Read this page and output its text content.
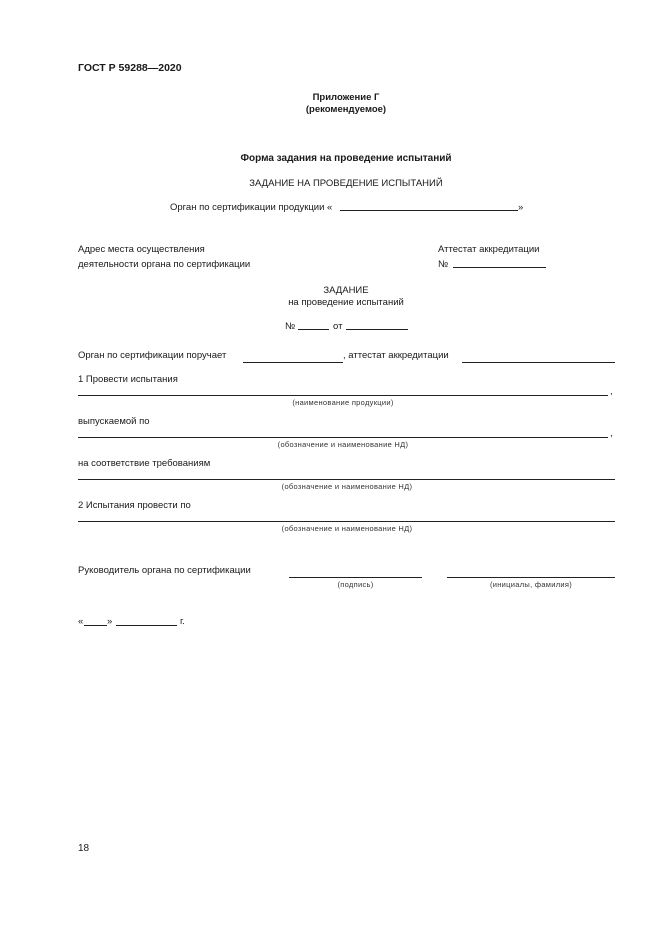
ГОСТ Р 59288—2020
Приложение Г
(рекомендуемое)
Форма задания на проведение испытаний
ЗАДАНИЕ НА ПРОВЕДЕНИЕ ИСПЫТАНИЙ
Орган по сертификации продукции «	»
Адрес места осуществления
деятельности органа по сертификации
Аттестат аккредитации
№
ЗАДАНИЕ
на проведение испытаний
№	от
Орган по сертификации поручает	, аттестат аккредитации
1 Провести испытания
,
(наименование продукции)
выпускаемой по
,
(обозначение и наименование НД)
на соответствие требованиям
(обозначение и наименование НД)
2 Испытания провести по
(обозначение и наименование НД)
Руководитель органа по сертификации
(подпись)	(инициалы, фамилия)
« »	г.
18
